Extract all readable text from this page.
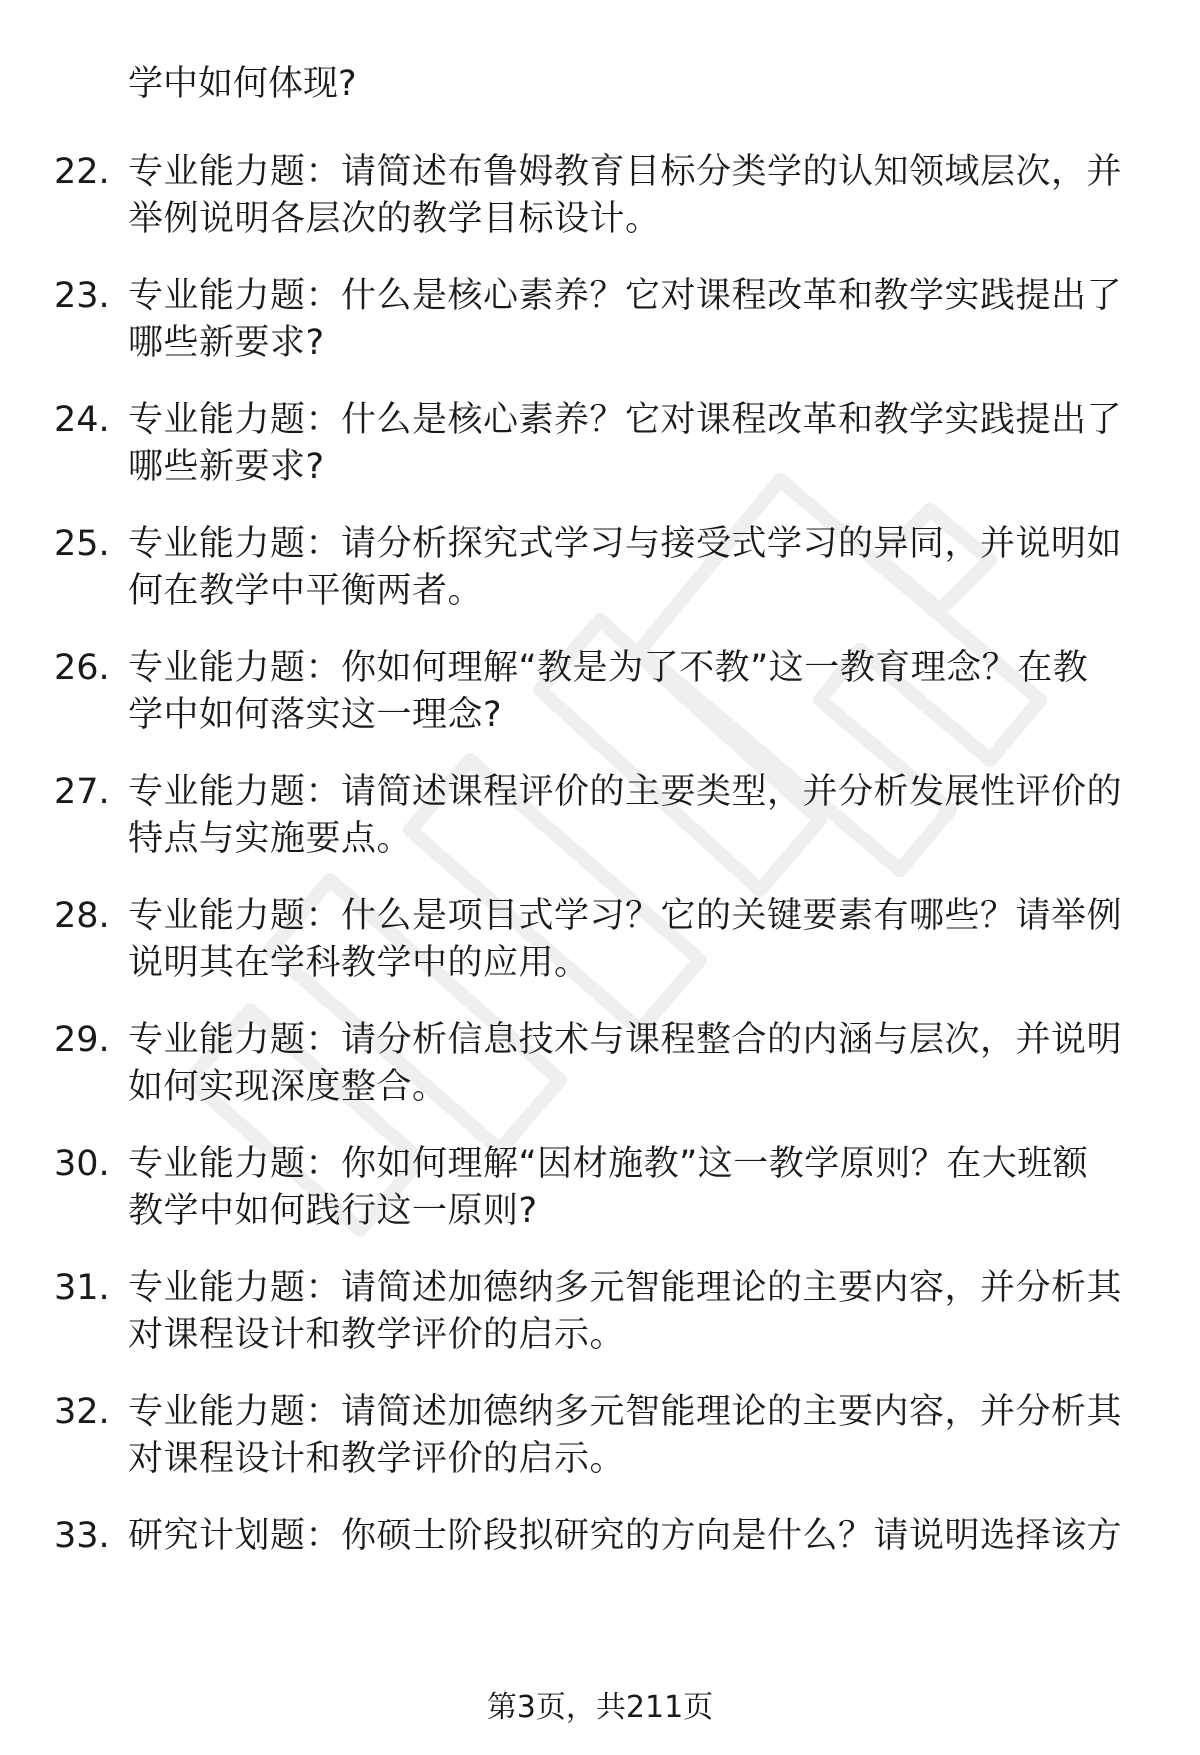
学中如何体现?
22. 专业能力题：请简述布鲁姆教育目标分类学的认知领域层次，并
举例说明各层次的教学目标设计。
23. 专业能力题：什么是核心素养？它对课程改革和教学实践提出了
哪些新要求?
24. 专业能力题：什么是核心素养？它对课程改革和教学实践提出了
哪些新要求?
25. 专业能力题：请分析探究式学习与接受式学习的异同，并说明如
何在教学中平衡两者。
26. 专业能力题：你如何理解“教是为了不教”这一教育理念？在教
学中如何落实这一理念?
27. 专业能力题：请简述课程评价的主要类型，并分析发展性评价的
特点与实施要点。
28. 专业能力题：什么是项目式学习？它的关键要素有哪些？请举例
说明其在学科教学中的应用。
29. 专业能力题：请分析信息技术与课程整合的内涵与层次，并说明
如何实现深度整合。
30. 专业能力题：你如何理解“因材施教”这一教学原则？在大班额
教学中如何践行这一原则?
31. 专业能力题：请简述加德纳多元智能理论的主要内容，并分析其
对课程设计和教学评价的启示。
32. 专业能力题：请简述加德纳多元智能理论的主要内容，并分析其
对课程设计和教学评价的启示。
33. 研究计划题：你硕士阶段拟研究的方向是什么？请说明选择该方
第3页，共211页
